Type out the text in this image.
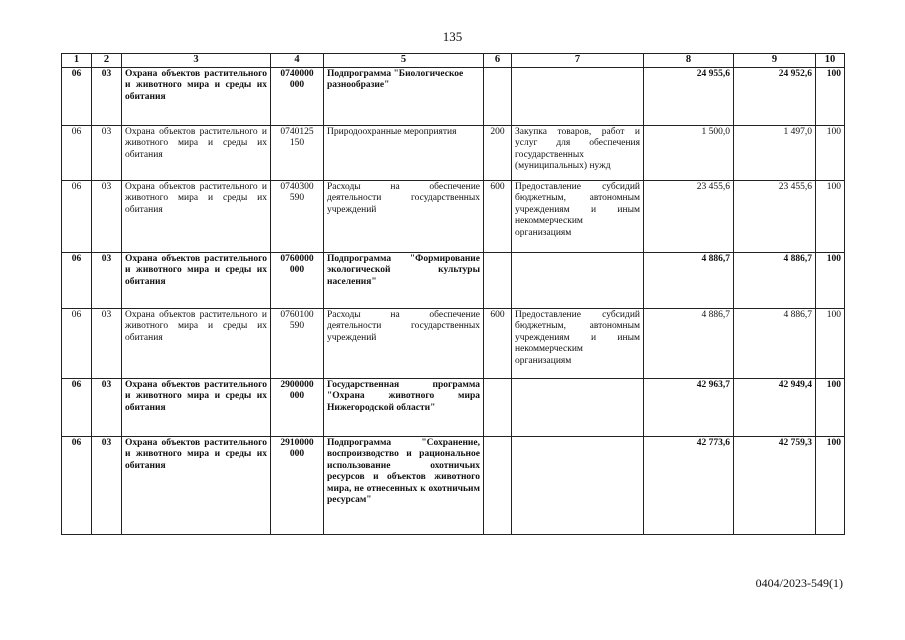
135
1	2	3	4	5	6	7	8	9	10
06	03	Охрана объектов растительного и животного мира и среды их обитания	0740000 000	Подпрограмма "Биологическое разнообразие"			24 955,6	24 952,6	100
06	03	Охрана объектов растительного и животного мира и среды их обитания	0740125 150	Природоохранные мероприятия	200	Закупка товаров, работ и услуг для обеспечения государственных (муниципальных) нужд	1 500,0	1 497,0	100
06	03	Охрана объектов растительного и животного мира и среды их обитания	0740300 590	Расходы на обеспечение деятельности государственных учреждений	600	Предоставление субсидий бюджетным, автономным учреждениям и иным некоммерческим организациям	23 455,6	23 455,6	100
06	03	Охрана объектов растительного и животного мира и среды их обитания	0760000 000	Подпрограмма "Формирование экологической культуры населения"			4 886,7	4 886,7	100
06	03	Охрана объектов растительного и животного мира и среды их обитания	0760100 590	Расходы на обеспечение деятельности государственных учреждений	600	Предоставление субсидий бюджетным, автономным учреждениям и иным некоммерческим организациям	4 886,7	4 886,7	100
06	03	Охрана объектов растительного и животного мира и среды их обитания	2900000 000	Государственная программа "Охрана животного мира Нижегородской области"			42 963,7	42 949,4	100
06	03	Охрана объектов растительного и животного мира и среды их обитания	2910000 000	Подпрограмма "Сохранение, воспроизводство и рациональное использование охотничьих ресурсов и объектов животного мира, не отнесенных к охотничьим ресурсам"			42 773,6	42 759,3	100
0404/2023-549(1)
